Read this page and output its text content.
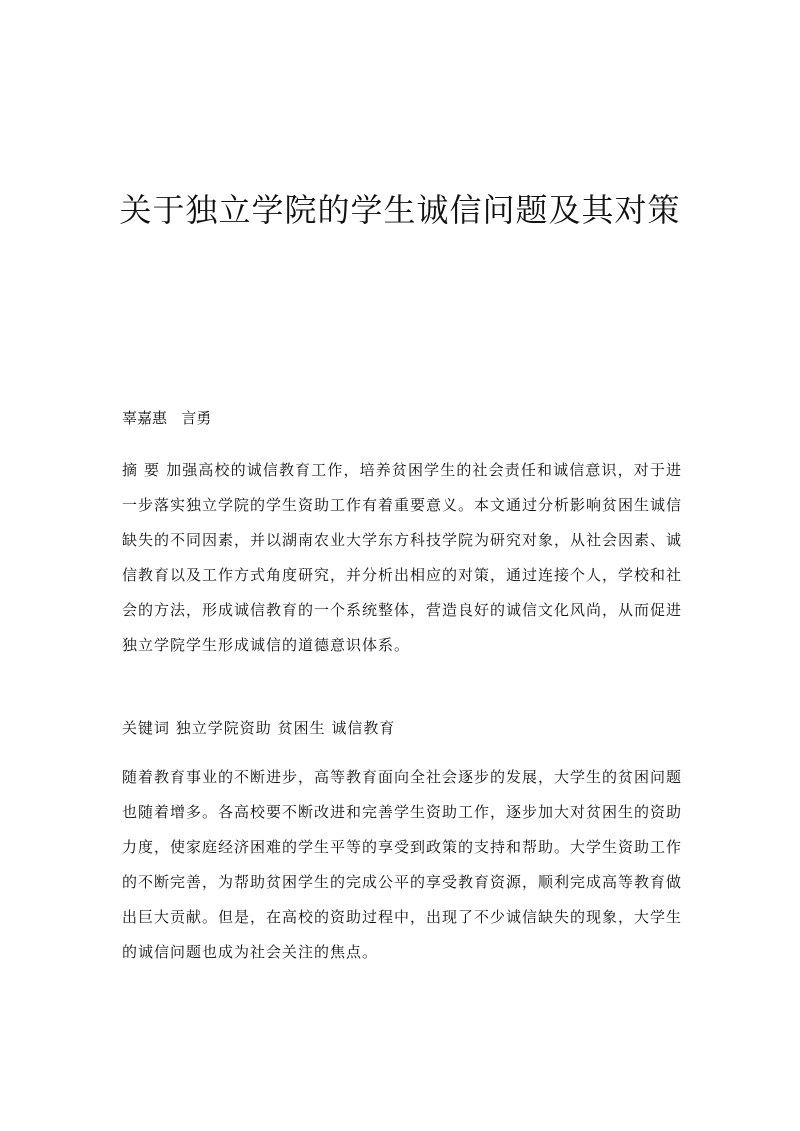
关于独立学院的学生诚信问题及其对策
辜嘉惠   言勇

摘 要 加强高校的诚信教育工作，培养贫困学生的社会责任和诚信意识，对于进一步落实独立学院的学生资助工作有着重要意义。本文通过分析影响贫困生诚信缺失的不同因素，并以湖南农业大学东方科技学院为研究对象，从社会因素、诚信教育以及工作方式角度研究，并分析出相应的对策，通过连接个人，学校和社会的方法，形成诚信教育的一个系统整体，营造良好的诚信文化风尚，从而促进独立学院学生形成诚信的道德意识体系。

关键词 独立学院资助 贫困生 诚信教育

随着教育事业的不断进步，高等教育面向全社会逐步的发展，大学生的贫困问题也随着增多。各高校要不断改进和完善学生资助工作，逐步加大对贫困生的资助力度，使家庭经济困难的学生平等的享受到政策的支持和帮助。大学生资助工作的不断完善，为帮助贫困学生的完成公平的享受教育资源，顺利完成高等教育做出巨大贡献。但是，在高校的资助过程中，出现了不少诚信缺失的现象，大学生的诚信问题也成为社会关注的焦点。
